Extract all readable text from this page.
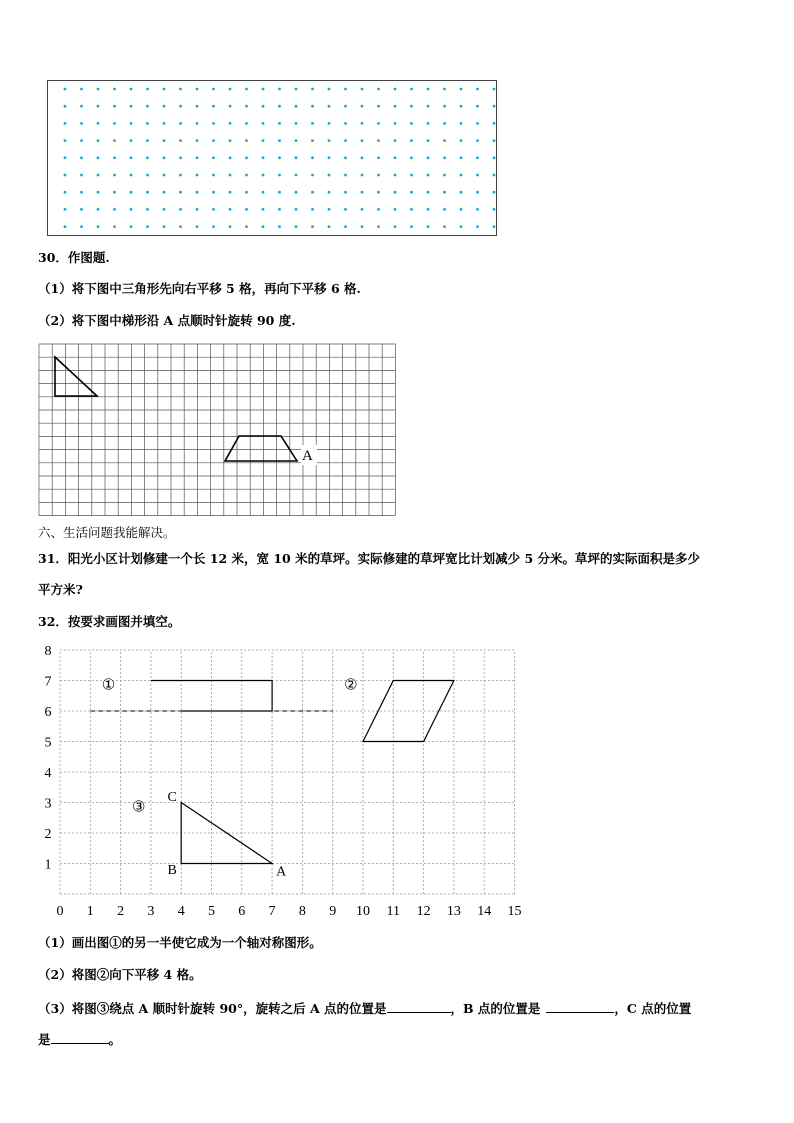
30．作图题.
（1）将下图中三角形先向右平移 5 格，再向下平移 6 格.
（2）将下图中梯形沿 A 点顺时针旋转 90 度.
A
六、生活问题我能解决。
31．阳光小区计划修建一个长 12 米，宽 10 米的草坪。实际修建的草坪宽比计划减少 5 分米。草坪的实际面积是多少
平方米?
32．按要求画图并填空。
0 1 2 3 4 5 6 7 8 9 10 11 12 13 14 15
1
2
3
4
5
6
7
8
①	②
③
C
B	A
（1）画出图①的另一半使它成为一个轴对称图形。
（2）将图②向下平移 4 格。
（3）将图③绕点 A 顺时针旋转 90°，旋转之后 A 点的位置是	，B 点的位置是	，C 点的位置
是	。
